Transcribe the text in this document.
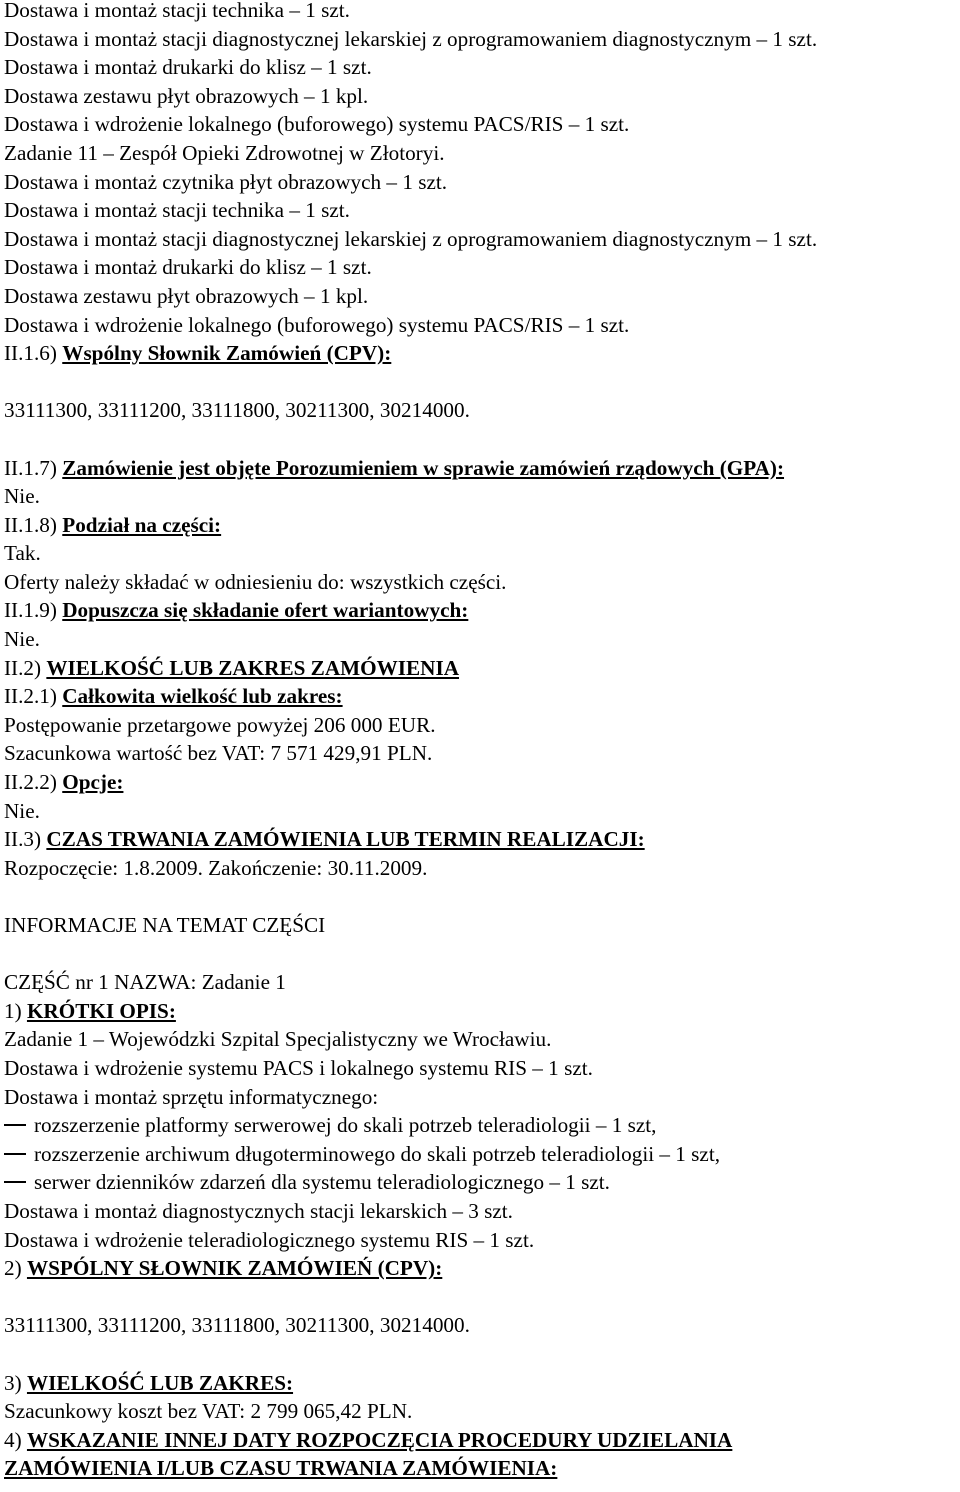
Dostawa i montaż stacji technika – 1 szt.
Dostawa i montaż stacji diagnostycznej lekarskiej z oprogramowaniem diagnostycznym – 1 szt.
Dostawa i montaż drukarki do klisz – 1 szt.
Dostawa zestawu płyt obrazowych – 1 kpl.
Dostawa i wdrożenie lokalnego (buforowego) systemu PACS/RIS – 1 szt.
Zadanie 11 – Zespół Opieki Zdrowotnej w Złotoryi.
Dostawa i montaż czytnika płyt obrazowych – 1 szt.
Dostawa i montaż stacji technika – 1 szt.
Dostawa i montaż stacji diagnostycznej lekarskiej z oprogramowaniem diagnostycznym – 1 szt.
Dostawa i montaż drukarki do klisz – 1 szt.
Dostawa zestawu płyt obrazowych – 1 kpl.
Dostawa i wdrożenie lokalnego (buforowego) systemu PACS/RIS – 1 szt.
II.1.6) Wspólny Słownik Zamówień (CPV):
33111300, 33111200, 33111800, 30211300, 30214000.
II.1.7) Zamówienie jest objęte Porozumieniem w sprawie zamówień rządowych (GPA):
Nie.
II.1.8) Podział na części:
Tak.
Oferty należy składać w odniesieniu do: wszystkich części.
II.1.9) Dopuszcza się składanie ofert wariantowych:
Nie.
II.2) WIELKOŚĆ LUB ZAKRES ZAMÓWIENIA
II.2.1) Całkowita wielkość lub zakres:
Postępowanie przetargowe powyżej 206 000 EUR.
Szacunkowa wartość bez VAT: 7 571 429,91 PLN.
II.2.2) Opcje:
Nie.
II.3) CZAS TRWANIA ZAMÓWIENIA LUB TERMIN REALIZACJI:
Rozpoczęcie: 1.8.2009. Zakończenie: 30.11.2009.
INFORMACJE NA TEMAT CZĘŚCI
CZĘŚĆ nr 1 NAZWA: Zadanie 1
1) KRÓTKI OPIS:
Zadanie 1 – Wojewódzki Szpital Specjalistyczny we Wrocławiu.
Dostawa i wdrożenie systemu PACS i lokalnego systemu RIS – 1 szt.
Dostawa i montaż sprzętu informatycznego:
rozszerzenie platformy serwerowej do skali potrzeb teleradiologii – 1 szt,
rozszerzenie archiwum długoterminowego do skali potrzeb teleradiologii – 1 szt,
serwer dzienników zdarzeń dla systemu teleradiologicznego – 1 szt.
Dostawa i montaż diagnostycznych stacji lekarskich – 3 szt.
Dostawa i wdrożenie teleradiologicznego systemu RIS – 1 szt.
2) WSPÓLNY SŁOWNIK ZAMÓWIEŃ (CPV):
33111300, 33111200, 33111800, 30211300, 30214000.
3) WIELKOŚĆ LUB ZAKRES:
Szacunkowy koszt bez VAT: 2 799 065,42 PLN.
4) WSKAZANIE INNEJ DATY ROZPOCZĘCIA PROCEDURY UDZIELANIA
ZAMÓWIENIA I/LUB CZASU TRWANIA ZAMÓWIENIA:
